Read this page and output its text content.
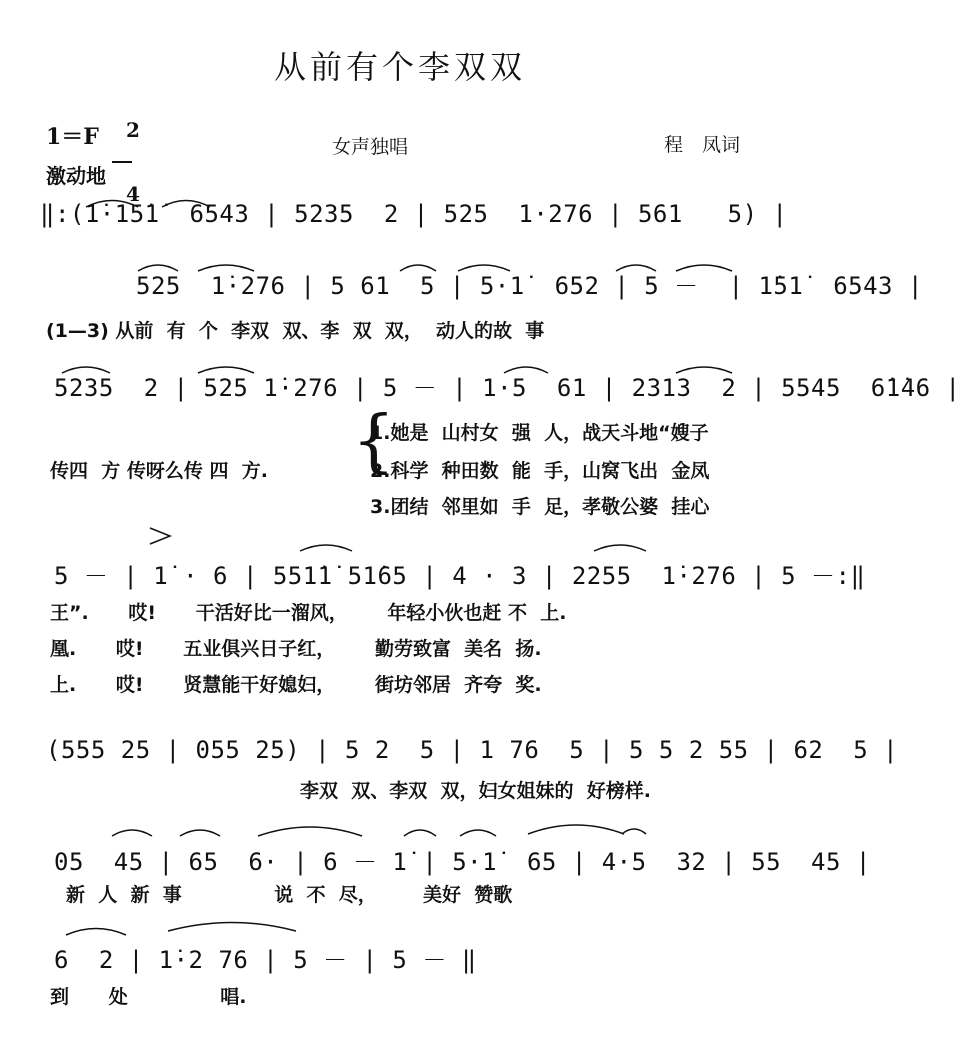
从前有个李双双
1＝F	2

4

女声独唱	程　凤词
激动地
‖:(1̇·15̇1̇  6543 | 5235  2 | 525  1·276 | 561   5) |
525  1̇·276 | 5 61  5 | 5·1̇  652 | 5 －  | 1̇51̇  6543 |
(1—3) 从前  有  个  李双  双、李  双  双，  动人的故  事
5235  2 | 525 1̇·276 | 5 － | 1·5  61 | 2313  2 | 5545  6̇1̇46 |
传四  方 传呀么传 四  方. {
1.她是  山村女  强  人，战天斗地“嫂子
2.科学  种田数  能  手，山窝飞出  金凤
3.团结  邻里如  手  足，孝敬公婆  挂心
5 － | 1̇ · 6 | 551̇1̇ 51̇65 | 4 · 3 | 2255  1̇·276 | 5 －:‖
王”.      哎!      干活好比一溜风，      年轻小伙也赶 不  上.
凰.      哎!      五业俱兴日子红，      勤劳致富  美名  扬.
上.      哎!      贤慧能干好媳妇，      街坊邻居  齐夸  奖.
(555 25 | 055 25) | 5 2  5 | 1 76  5 | 5 5 2 55 | 62  5 |
李双  双、李双  双，妇女姐妹的  好榜样.
05  45 | 65  6· | 6 － 1̇ | 5·1̇  65 | 4·5  32 | 55  45 |
新  人  新  事              说  不  尽，       美好  赞歌
6  2 | 1̇·2 76 | 5 － | 5 － ‖
到      处              唱.
